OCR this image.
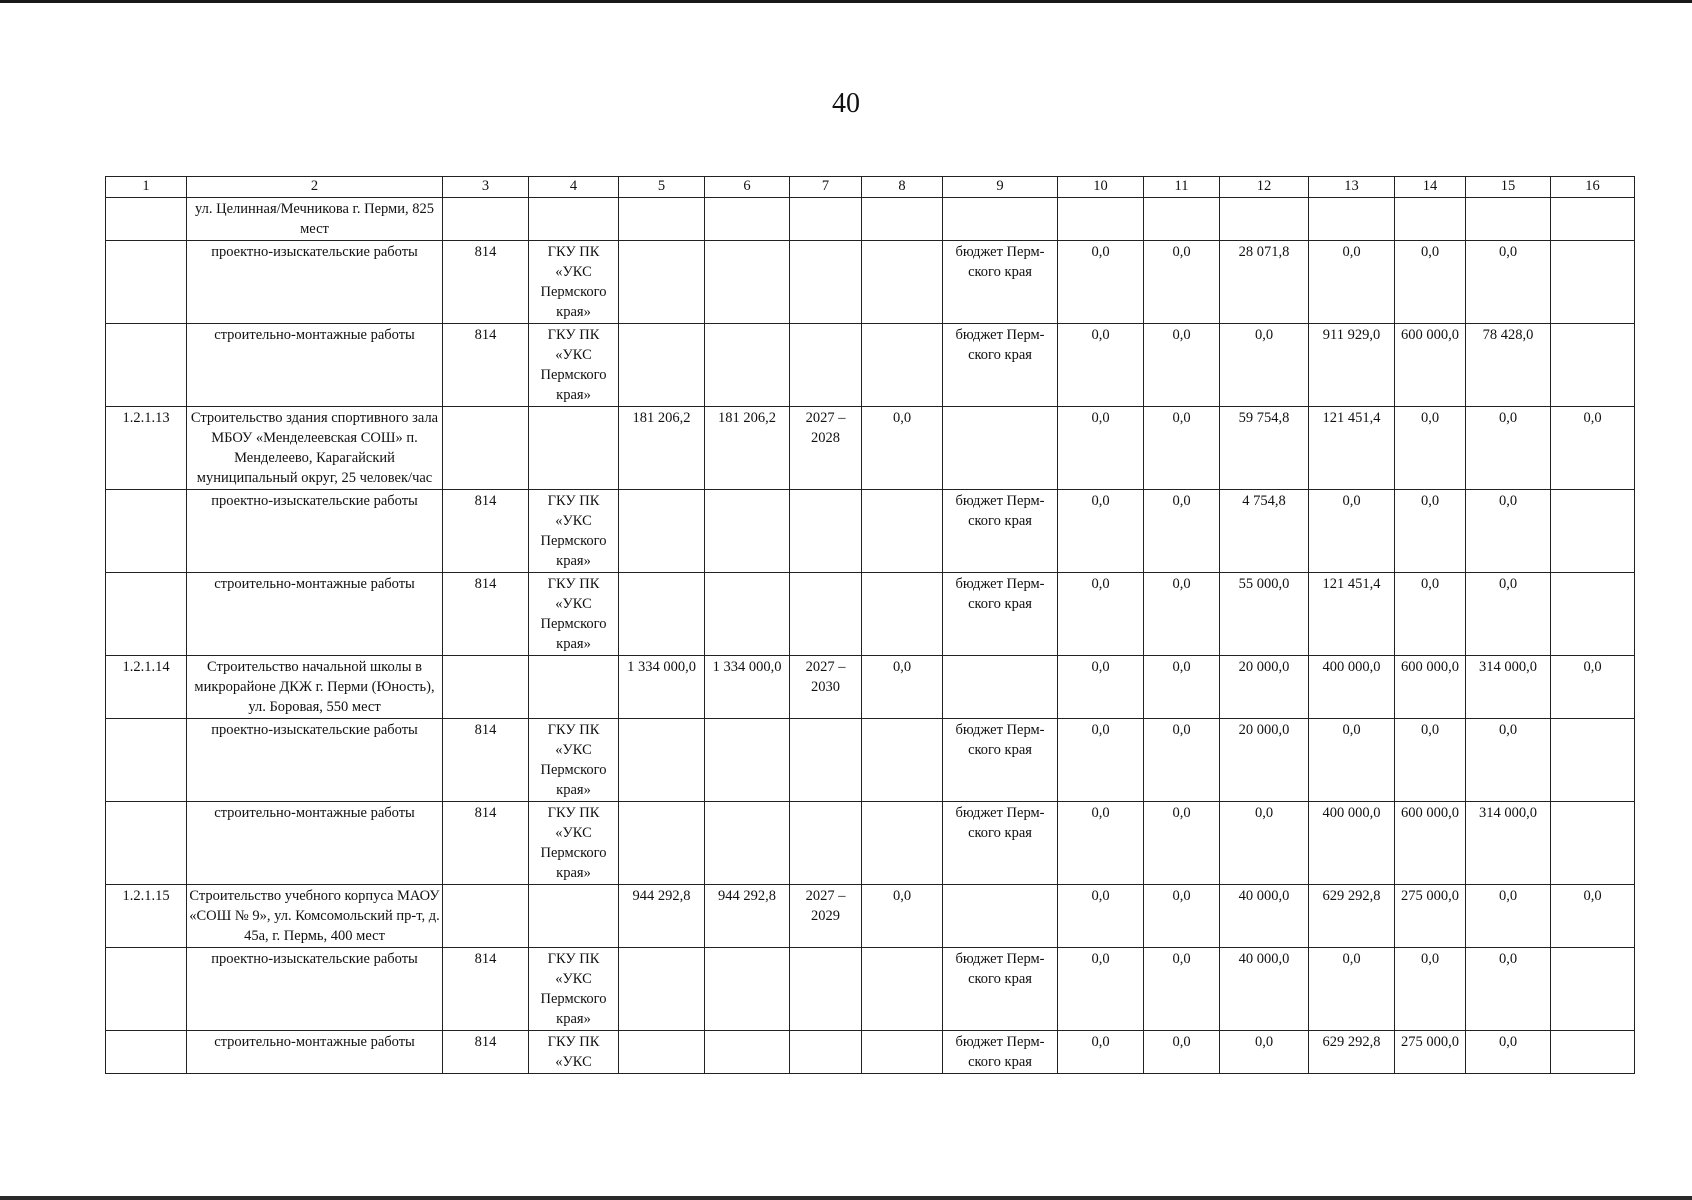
40
1	2	3	4	5	6	7	8	9	10	11	12	13	14	15	16
	ул. Целинная/Мечникова г. Перми, 825 мест														
	проектно-изыскательские работы	814	ГКУ ПК «УКС Пермского края»					бюджет Перм-ского края	0,0	0,0	28 071,8	0,0	0,0	0,0	
	строительно-монтажные работы	814	ГКУ ПК «УКС Пермского края»					бюджет Перм-ского края	0,0	0,0	0,0	911 929,0	600 000,0	78 428,0	
1.2.1.13	Строительство здания спортивного зала МБОУ «Менделеевская СОШ» п. Менделеево, Карагайский муниципальный округ, 25 человек/час			181 206,2	181 206,2	2027 – 2028	0,0		0,0	0,0	59 754,8	121 451,4	0,0	0,0	0,0
	проектно-изыскательские работы	814	ГКУ ПК «УКС Пермского края»					бюджет Перм-ского края	0,0	0,0	4 754,8	0,0	0,0	0,0	
	строительно-монтажные работы	814	ГКУ ПК «УКС Пермского края»					бюджет Перм-ского края	0,0	0,0	55 000,0	121 451,4	0,0	0,0	
1.2.1.14	Строительство начальной школы в микрорайоне ДКЖ г. Перми (Юность), ул. Боровая, 550 мест			1 334 000,0	1 334 000,0	2027 – 2030	0,0		0,0	0,0	20 000,0	400 000,0	600 000,0	314 000,0	0,0
	проектно-изыскательские работы	814	ГКУ ПК «УКС Пермского края»					бюджет Перм-ского края	0,0	0,0	20 000,0	0,0	0,0	0,0	
	строительно-монтажные работы	814	ГКУ ПК «УКС Пермского края»					бюджет Перм-ского края	0,0	0,0	0,0	400 000,0	600 000,0	314 000,0	
1.2.1.15	Строительство учебного корпуса МАОУ «СОШ № 9», ул. Комсомольский пр-т, д. 45а, г. Пермь, 400 мест			944 292,8	944 292,8	2027 – 2029	0,0		0,0	0,0	40 000,0	629 292,8	275 000,0	0,0	0,0
	проектно-изыскательские работы	814	ГКУ ПК «УКС Пермского края»					бюджет Перм-ского края	0,0	0,0	40 000,0	0,0	0,0	0,0	
	строительно-монтажные работы	814	ГКУ ПК «УКС					бюджет Перм-ского края	0,0	0,0	0,0	629 292,8	275 000,0	0,0	
